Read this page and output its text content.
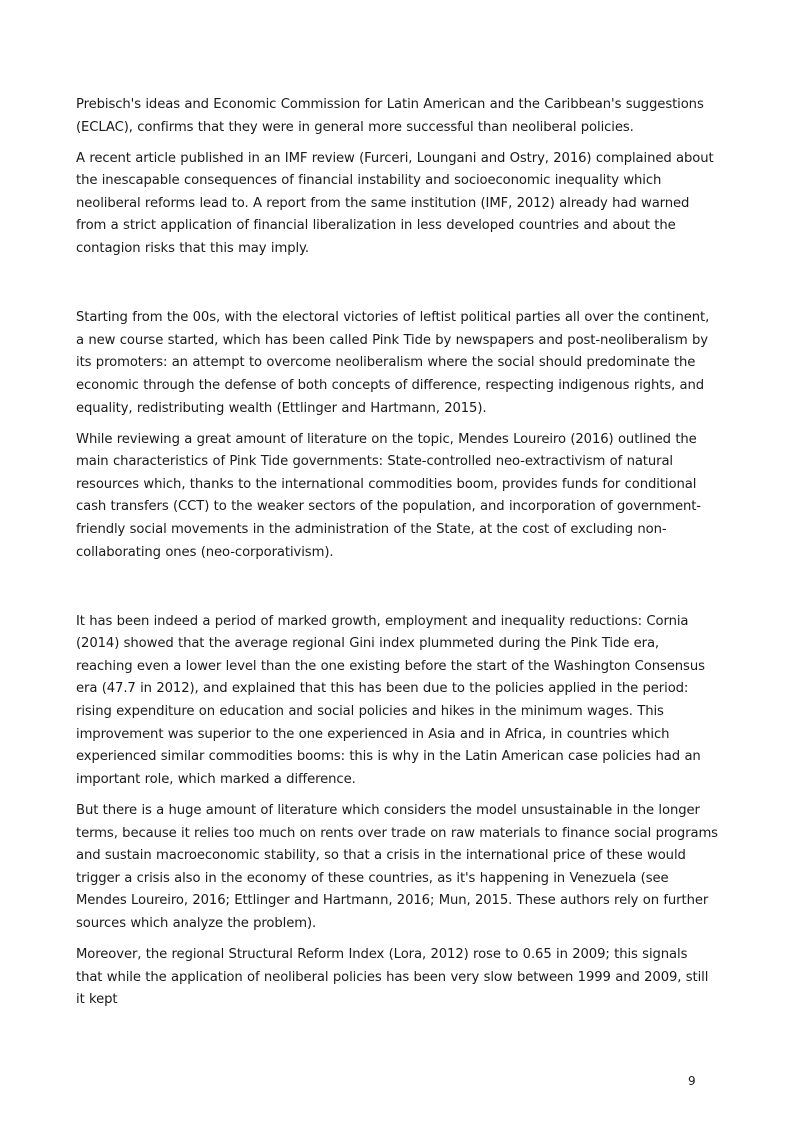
Prebisch's ideas and Economic Commission for Latin American and the Caribbean's suggestions (ECLAC), confirms that they were in general more successful than neoliberal policies.

A recent article published in an IMF review (Furceri, Loungani and Ostry, 2016) complained about the inescapable consequences of financial instability and socioeconomic inequality which neoliberal reforms lead to. A report from the same institution (IMF, 2012) already had warned from a strict application of financial liberalization in less developed countries and about the contagion risks that this may imply.

Starting from the 00s, with the electoral victories of leftist political parties all over the continent, a new course started, which has been called Pink Tide by newspapers and post-neoliberalism by its promoters: an attempt to overcome neoliberalism where the social should predominate the economic through the defense of both concepts of difference, respecting indigenous rights, and equality, redistributing wealth (Ettlinger and Hartmann, 2015).

While reviewing a great amount of literature on the topic, Mendes Loureiro (2016) outlined the main characteristics of Pink Tide governments: State-controlled neo-extractivism of natural resources which, thanks to the international commodities boom, provides funds for conditional cash transfers (CCT) to the weaker sectors of the population, and incorporation of government-friendly social movements in the administration of the State, at the cost of excluding non-collaborating ones (neo-corporativism).

It has been indeed a period of marked growth, employment and inequality reductions: Cornia (2014) showed that the average regional Gini index plummeted during the Pink Tide era, reaching even a lower level than the one existing before the start of the Washington Consensus era (47.7 in 2012), and explained that this has been due to the policies applied in the period: rising expenditure on education and social policies and hikes in the minimum wages. This improvement was superior to the one experienced in Asia and in Africa, in countries which experienced similar commodities booms: this is why in the Latin American case policies had an important role, which marked a difference.

But there is a huge amount of literature which considers the model unsustainable in the longer terms, because it relies too much on rents over trade on raw materials to finance social programs and sustain macroeconomic stability, so that a crisis in the international price of these would trigger a crisis also in the economy of these countries, as it's happening in Venezuela (see Mendes Loureiro, 2016; Ettlinger and Hartmann, 2016; Mun, 2015. These authors rely on further sources which analyze the problem).

Moreover, the regional Structural Reform Index (Lora, 2012) rose to 0.65 in 2009; this signals that while the application of neoliberal policies has been very slow between 1999 and 2009, still it kept

9
